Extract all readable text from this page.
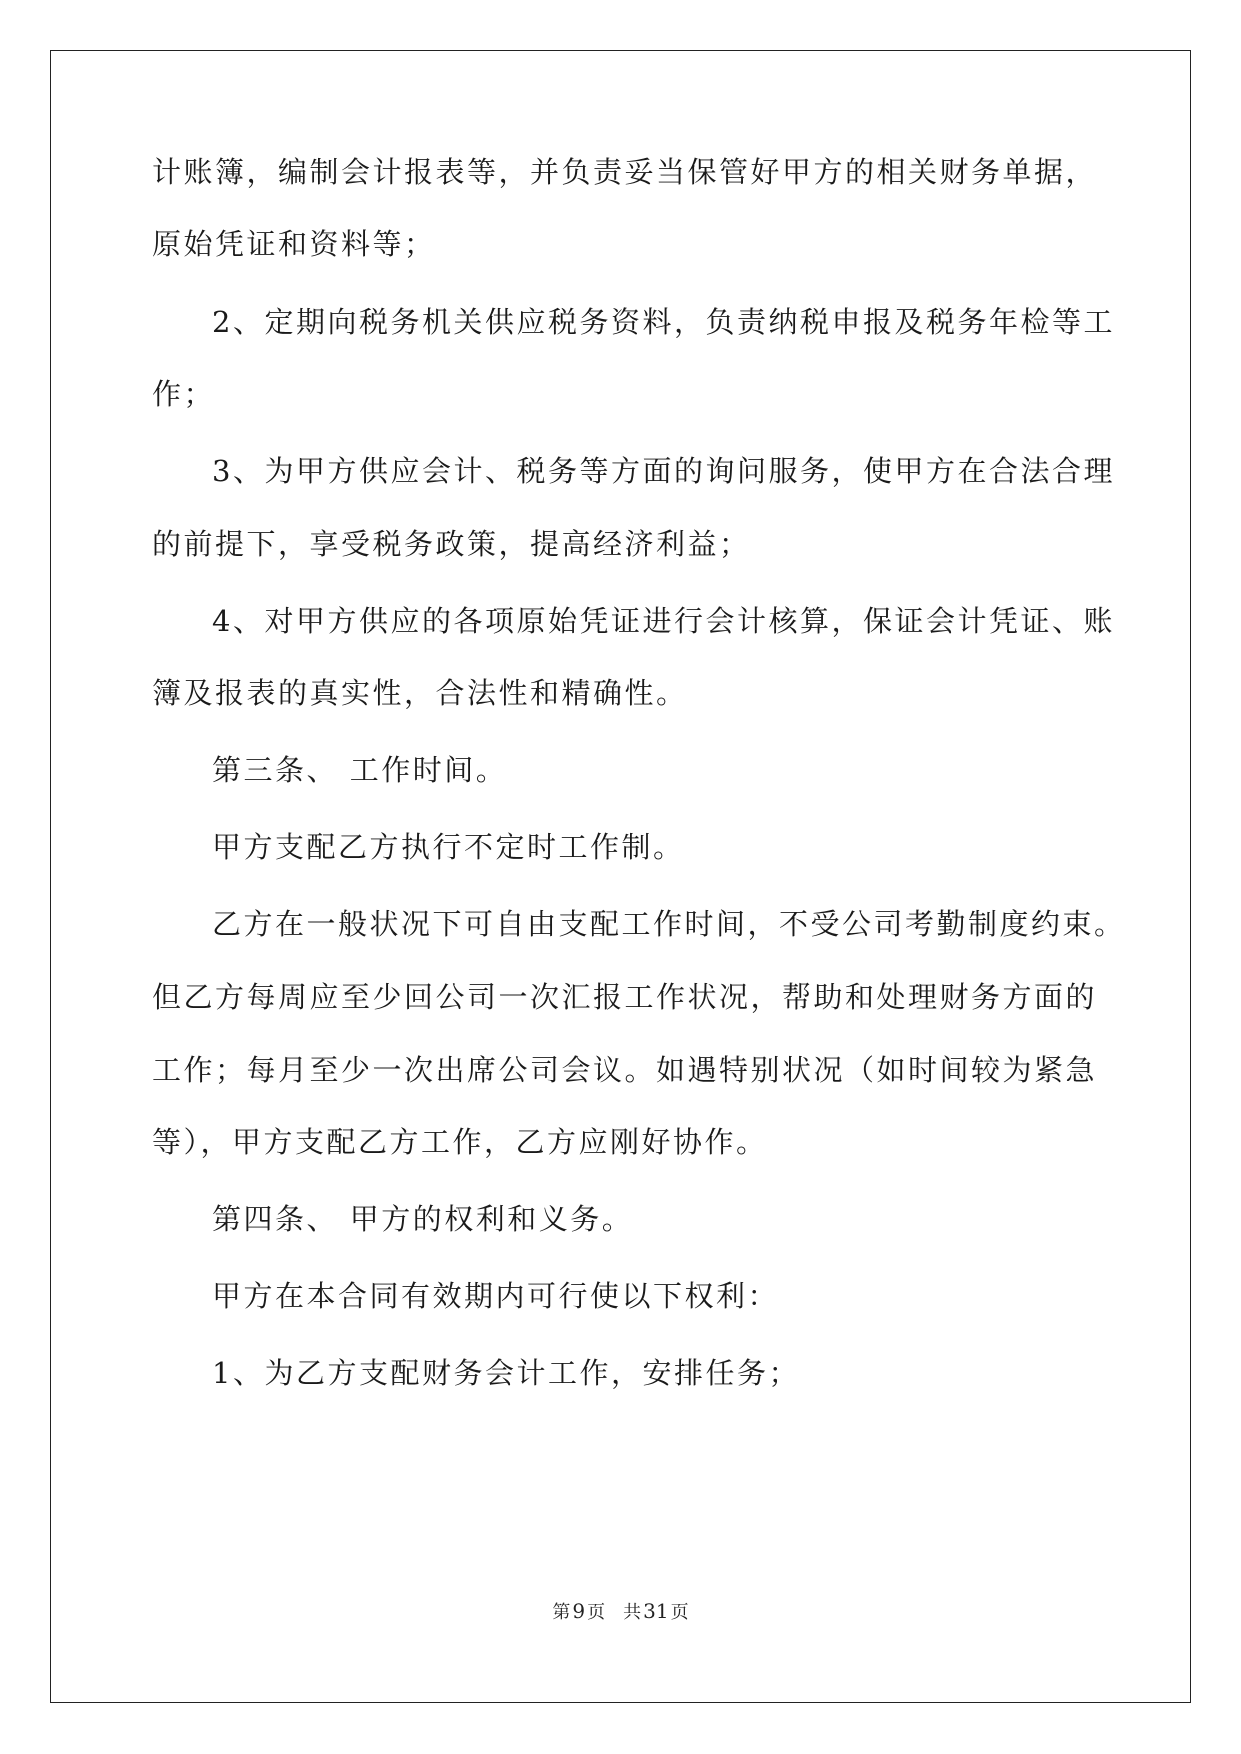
计账簿，编制会计报表等，并负责妥当保管好甲方的相关财务单据，
原始凭证和资料等；
2、定期向税务机关供应税务资料，负责纳税申报及税务年检等工
作；
3、为甲方供应会计、税务等方面的询问服务，使甲方在合法合理
的前提下，享受税务政策，提高经济利益；
4、对甲方供应的各项原始凭证进行会计核算，保证会计凭证、账
簿及报表的真实性，合法性和精确性。
第三条、 工作时间。
甲方支配乙方执行不定时工作制。
乙方在一般状况下可自由支配工作时间，不受公司考勤制度约束。
但乙方每周应至少回公司一次汇报工作状况，帮助和处理财务方面的
工作；每月至少一次出席公司会议。如遇特别状况（如时间较为紧急
等），甲方支配乙方工作，乙方应刚好协作。
第四条、 甲方的权利和义务。
甲方在本合同有效期内可行使以下权利：
1、为乙方支配财务会计工作，安排任务；
第 9 页　共 31 页
